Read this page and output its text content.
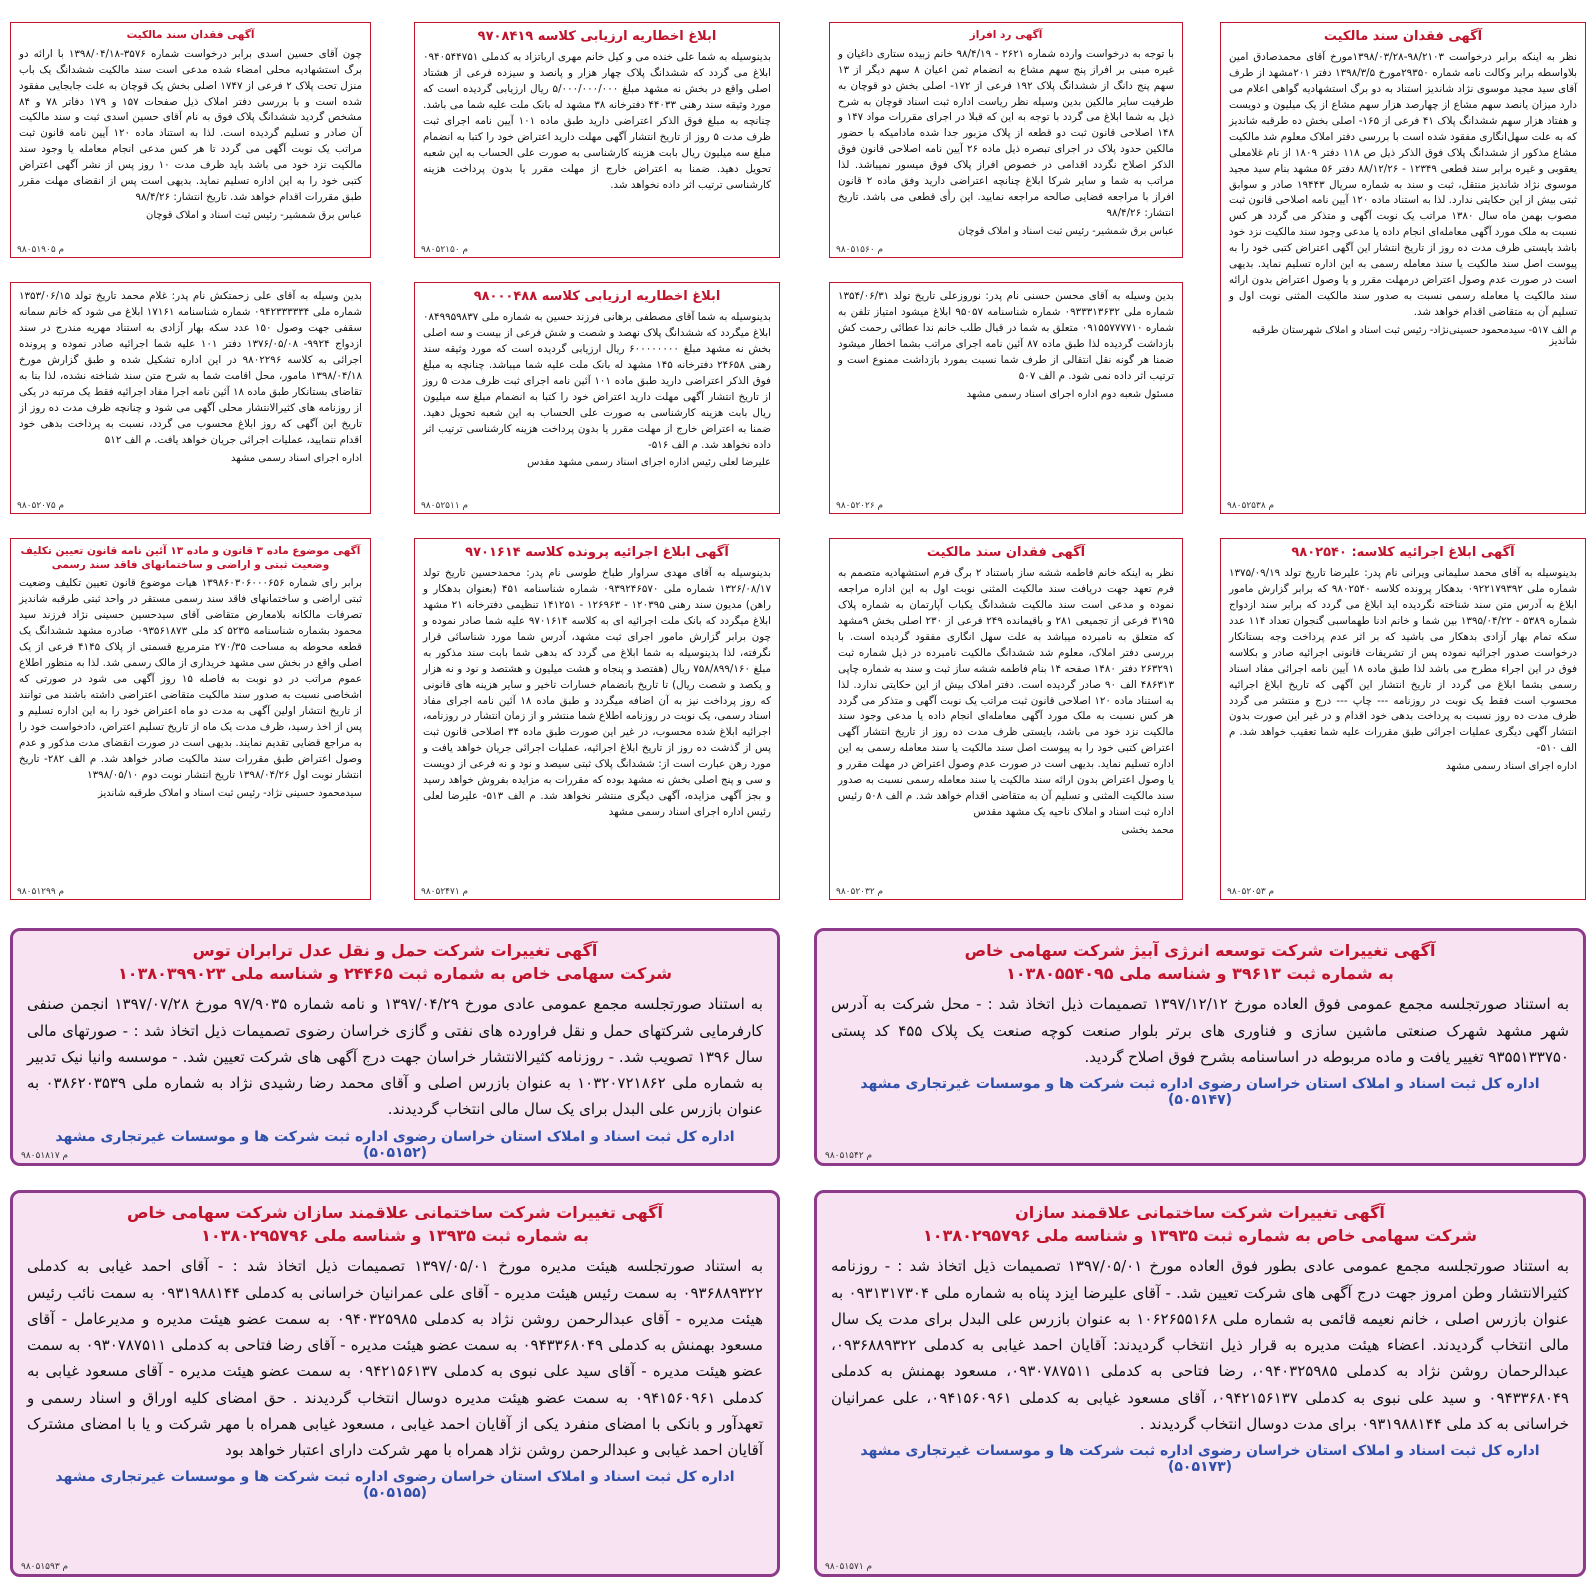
آگهی فقدان سند مالکیت
نظر به اینکه برابر درخواست ۹۸/۲۱۰۳-۱۳۹۸/۰۳/۲۸مورخ آقای محمدصادق امین بلاواسطه برابر وکالت نامه شماره ۲۹۳۵۰مورخ ۱۳۹۸/۳/۵ دفتر ۲۰۱مشهد از طرف آقای سید مجید موسوی نژاد شاندیز استناد به دو برگ استشهادیه گواهی اعلام می دارد میزان یانصد سهم مشاع از چهارصد هزار سهم مشاع از یک میلیون و دویست و هفتاد هزار سهم ششدانگ پلاک ۴۱ فرعی از ۱۶۵- اصلی بخش ده طرقبه شاندیز که به علت سهل‌انگاری مفقود شده است با بررسی دفتر املاک معلوم شد مالکیت مشاع مذکور از ششدانگ پلاک فوق الذکر ذیل ص ۱۱۸ دفتر ۱۸۰۹ از نام غلامعلی یعقوبی و غیره برابر سند قطعی ۱۲۳۴۹ - ۸۸/۱۲/۲۶ دفتر ۵۶ مشهد بنام سید مجید موسوی نژاد شاندیز منتقل، ثبت و سند به شماره سریال ۱۹۴۴۳ صادر و سوابق ثبتی بیش از این حکایتی ندارد. لذا به استناد ماده ۱۲۰ آیین نامه اصلاحی قانون ثبت مصوب بهمن ماه سال ۱۳۸۰ مراتب یک نوبت آگهی و متذکر می گردد هر کس نسبت به ملک مورد آگهی معامله‌ای انجام داده یا مدعی وجود سند مالکیت نزد خود باشد بایستی ظرف مدت ده روز از تاریخ انتشار این آگهی اعتراض کتبی خود را به پیوست اصل سند مالکیت یا سند معامله رسمی به این اداره تسلیم نماید. بدیهی است در صورت عدم وصول اعتراض درمهلت مقرر و یا وصول اعتراض بدون ارائه سند مالکیت یا معامله رسمی نسبت به صدور سند مالکیت المثنی نوبت اول و تسلیم آن به متقاضی اقدام خواهد شد.
م الف ۵۱۷- سیدمحمود حسینی‌نژاد- رئیس ثبت اسناد و املاک شهرستان طرقبه شاندیز
۹۸۰۵۲۵۳۸ م
آگهی رد افراز
با توجه به درخواست وارده شماره ۲۶۲۱ - ۹۸/۴/۱۹ خانم زبیده ستاری داغیان و غیره مبنی بر افراز پنج سهم مشاع به انضمام ثمن اعیان ۸ سهم دیگر از ۱۳ سهم پنج دانگ از ششدانگ پلاک ۱۹۲ فرعی از ۱۷۲- اصلی بخش دو قوچان به طرفیت سایر مالکین بدین وسیله نظر ریاست اداره ثبت اسناد قوچان به شرح ذیل به شما ابلاغ می گردد با توجه به این که قبلا در اجرای مقررات مواد ۱۴۷ و ۱۴۸ اصلاحی قانون ثبت دو قطعه از پلاک مزبور جدا شده ماداميکه با حضور مالکین حدود پلاک در اجرای تبصره ذیل ماده ۲۶ آیین نامه اصلاحی قانون فوق الذکر اصلاح نگردد اقدامی در خصوص افراز پلاک فوق میسور نمیباشد. لذا مراتب به شما و سایر شرکا ابلاغ چنانچه اعتراضی دارید وفق ماده ۲ قانون افراز با مراجعه قضایی صالحه مراجعه نمایید. این رأی قطعی می باشد. تاریخ انتشار: ۹۸/۴/۲۶
عباس برق شمشیر- رئیس ثبت اسناد و املاک قوچان
۹۸۰۵۱۵۶۰ م
ابلاغ اخطاریه ارزیابی کلاسه ۹۷۰۸۴۱۹
بدینوسیله به شما علی خنده می و کیل خانم مهری ارباتزاد به کدملی ۰۹۴۰۵۴۴۷۵۱ ابلاغ می گردد که ششدانگ پلاک چهار هزار و پانصد و سیزده فرعی از هشتاد اصلی واقع در بخش نه مشهد مبلغ ۵/۰۰۰/۰۰۰/۰۰۰ ریال ارزیابی گردیده است که مورد وثیقه سند رهنی ۴۴۰۳۳ دفترخانه ۳۸ مشهد له بانک ملت علیه شما می باشد. چنانچه به مبلغ فوق الذکر اعتراضی دارید طبق ماده ۱۰۱ آیین نامه اجرای ثبت ظرف مدت ۵ روز از تاریخ انتشار آگهی مهلت دارید اعتراض خود را کتبا به انضمام مبلغ سه میلیون ریال بابت هزینه کارشناسی به صورت علی الحساب به این شعبه تحویل دهید. ضمنا به اعتراض خارج از مهلت مقرر یا بدون پرداخت هزینه کارشناسی ترتیب اثر داده نخواهد شد.
۹۸۰۵۲۱۵۰ م
آگهی فقدان سند مالکیت
چون آقای حسین اسدی برابر درخواست شماره ۳۵۷۶-۱۳۹۸/۰۴/۱۸ با ارائه دو برگ استشهادیه محلی امضاء شده مدعی است سند مالکیت ششدانگ یک باب منزل تحت پلاک ۲ فرعی از ۱۷۴۷ اصلی بخش یک قوچان به علت جابجایی مفقود شده است و با بررسی دفتر املاک ذیل صفحات ۱۵۷ و ۱۷۹ دفاتر ۷۸ و ۸۴ مشخص گردید ششدانگ پلاک فوق به نام آقای حسین اسدی ثبت و سند مالکیت آن صادر و تسلیم گردیده است. لذا به استناد ماده ۱۲۰ آیین نامه قانون ثبت مراتب یک نوبت آگهی می گردد تا هر کس مدعی انجام معامله یا وجود سند مالکیت نزد خود می باشد باید ظرف مدت ۱۰ روز پس از نشر آگهی اعتراض کتبی خود را به این اداره تسلیم نماید. بدیهی است پس از انقضای مهلت مقرر طبق مقررات اقدام خواهد شد. تاریخ انتشار: ۹۸/۴/۲۶
عباس برق شمشیر- رئیس ثبت اسناد و املاک قوچان
۹۸۰۵۱۹۰۵ م
بدین وسیله به آقای محسن حسنی نام پدر: نوروزعلی تاریخ تولد ۱۳۵۴/۰۶/۳۱ شماره ملی ۰۹۳۳۳۱۳۶۳۲ شماره شناسنامه ۹۵۰۵۷ ابلاغ میشود امتیاز تلفن به شماره ۰۹۱۵۵۷۷۷۷۱۰ متعلق به شما در قبال طلب خانم ندا عطائی رحمت کش بازداشت گردیده لذا طبق ماده ۸۷ آئین نامه اجرای مراتب بشما اخطار میشود ضمنا هر گونه نقل انتقالی از طرف شما نسبت بمورد بازداشت ممنوع است و ترتیب اثر داده نمی شود. م الف ۵۰۷
مسئول شعبه دوم اداره اجرای اسناد رسمی مشهد
۹۸۰۵۲۰۲۶ م
ابلاغ اخطاریه ارزیابی کلاسه ۹۸۰۰۰۴۸۸
بدینوسیله به شما آقای مصطفی برهانی فرزند حسین به شماره ملی ۰۸۴۹۹۵۹۸۳۷ ابلاغ میگردد که ششدانگ پلاک نهصد و شصت و شش فرعی از بیست و سه اصلی بخش نه مشهد مبلغ ۶۰۰۰۰۰۰۰۰ ریال ارزیابی گردیده است که مورد وثیقه سند رهنی ۲۴۶۵۸ دفترخانه ۱۴۵ مشهد له بانک ملت علیه شما میباشد. چنانچه به مبلغ فوق الذکر اعتراضی دارید طبق ماده ۱۰۱ آئین نامه اجرای ثبت ظرف مدت ۵ روز از تاریخ انتشار آگهی مهلت دارید اعتراض خود را کتبا به انضمام مبلغ سه میلیون ریال بابت هزینه کارشناسی به صورت علی الحساب به این شعبه تحویل دهید. ضمنا به اعتراض خارج از مهلت مقرر یا بدون پرداخت هزینه کارشناسی ترتیب اثر داده نخواهد شد. م الف ۵۱۶-
علیرضا لعلی رئیس اداره اجرای اسناد رسمی مشهد مقدس
۹۸۰۵۲۵۱۱ م
بدین وسیله به آقای علی زحمتکش نام پدر: غلام محمد تاریخ تولد ۱۳۵۳/۰۶/۱۵ شماره ملی ۰۹۴۲۳۳۳۳۳۴ شماره شناسنامه ۱۷۱۶۱ ابلاغ می شود که خانم سمانه سقفی جهت وصول ۱۵۰ عدد سکه بهار آزادی به استناد مهریه مندرج در سند ازدواج ۹۹۲۴- ۱۳۷۶/۰۵/۰۸ دفتر ۱۰۱ علیه شما اجرائیه صادر نموده و پرونده اجرائی به کلاسه ۹۸۰۲۲۹۶ در این اداره تشکیل شده و طبق گزارش مورخ ۱۳۹۸/۰۴/۱۸ مامور، محل اقامت شما به شرح متن سند شناخته نشده، لذا بنا به تقاضای بستانکار طبق ماده ۱۸ آئین نامه اجرا مفاد اجرائیه فقط یک مرتبه در یکی از روزنامه های کثیرالانتشار محلی آگهی می شود و چنانچه ظرف مدت ده روز از تاریخ این آگهی که روز ابلاغ محسوب می گردد، نسبت به پرداخت بدهی خود اقدام ننمایید، عملیات اجرائی جریان خواهد یافت. م الف ۵۱۲
اداره اجرای اسناد رسمی مشهد
۹۸۰۵۲۰۷۵ م
آگهی ابلاغ اجرائیه کلاسه: ۹۸۰۲۵۴۰
بدینوسیله به آقای محمد سلیمانی ویرانی نام پدر: علیرضا تاریخ تولد ۱۳۷۵/۰۹/۱۹ شماره ملی ۰۹۲۲۱۷۹۳۹۲ بدهکار پرونده کلاسه ۹۸۰۲۵۴۰ که برابر گزارش مامور ابلاغ به آدرس متن سند شناخته نگردیده اید ابلاغ می گردد که برابر سند ازدواج شماره ۵۳۸۹ - ۱۳۹۵/۰۴/۲۲ بین شما و خانم ادنا طهماسبی گنجوان تعداد ۱۱۴ عدد سکه تمام بهار آزادی بدهکار می باشید که بر اثر عدم پرداخت وجه بستانکار درخواست صدور اجرائیه نموده پس از تشریفات قانونی اجرائیه صادر و بکلاسه فوق در این اجراء مطرح می باشد لذا طبق ماده ۱۸ آیین نامه اجرائی مفاد اسناد رسمی بشما ابلاغ می گردد از تاریخ انتشار این آگهی که تاریخ ابلاغ اجرائیه محسوب است فقط یک نوبت در روزنامه --- چاپ --- درج و منتشر می گردد ظرف مدت ده روز نسبت به پرداخت بدهی خود اقدام و در غیر این صورت بدون انتشار آگهی دیگری عملیات اجرائی طبق مقررات علیه شما تعقیب خواهد شد. م الف ۵۱۰-
اداره اجرای اسناد رسمی مشهد
۹۸۰۵۲۰۵۳ م
آگهی فقدان سند مالکیت
نظر به اینکه خانم فاطمه ششه ساز باستناد ۲ برگ فرم استشهادیه متصمم به فرم تعهد جهت دریافت سند مالکیت المثنی نوبت اول به این اداره مراجعه نموده و مدعی است سند مالکیت ششدانگ یکباب آپارتمان به شماره پلاک ۳۱۹۵ فرعی از تجمیعی ۲۸۱ و باقیمانده ۲۴۹ فرعی از ۲۳۰ اصلی بخش ۹مشهد که متعلق به نامبرده میباشد به علت سهل انگاری مفقود گردیده است. با بررسی دفتر املاک، معلوم شد ششدانگ مالکیت نامبرده در ذیل شماره ثبت ۲۶۳۲۹۱ دفتر ۱۴۸۰ صفحه ۱۴ بنام فاطمه ششه ساز ثبت و سند به شماره چاپی ۴۸۶۳۱۳ الف ۹۰ صادر گردیده است. دفتر املاک بیش از این حکایتی ندارد. لذا به استناد ماده ۱۲۰ اصلاحی قانون ثبت مراتب یک نوبت آگهی و متذکر می گردد هر کس نسبت به ملک مورد آگهی معامله‌ای انجام داده یا مدعی وجود سند مالکیت نزد خود می باشد، بایستی ظرف مدت ده روز از تاریخ انتشار آگهی اعتراض کتبی خود را به پیوست اصل سند مالکیت یا سند معامله رسمی به این اداره تسلیم نماید. بدیهی است در صورت عدم وصول اعتراض در مهلت مقرر و یا وصول اعتراض بدون ارائه سند مالکیت یا سند معامله رسمی نسبت به صدور سند مالکیت المثنی و تسلیم آن به متقاضی اقدام خواهد شد. م الف ۵۰۸ رئیس اداره ثبت اسناد و املاک ناحیه یک مشهد مقدس
محمد بخشی
۹۸۰۵۲۰۳۲ م
آگهی ابلاغ اجرائیه پرونده کلاسه ۹۷۰۱۶۱۴
بدینوسیله به آقای مهدی سراوار طباخ طوسی نام پدر: محمدحسین تاریخ تولد ۱۳۲۶/۰۸/۱۷ شماره ملی ۰۹۳۹۲۴۶۵۷۰ شماره شناسنامه ۴۵۱ (بعنوان بدهکار و راهن) مدیون سند رهنی ۱۲۰۳۹۵ - ۱۲۶۹۶۳ - ۱۴۱۲۵۱ تنظیمی دفترخانه ۲۱ مشهد ابلاغ میگردد که بانک ملت اجرائیه ای به کلاسه ۹۷۰۱۶۱۴ علیه شما صادر نموده و چون برابر گزارش مامور اجرای ثبت مشهد، آدرس شما مورد شناسائی قرار نگرفته، لذا بدینوسیله به شما ابلاغ می گردد که بدهی شما بابت سند مذکور به مبلغ ۷۵۸/۸۹۹/۱۶۰ ریال (هفتصد و پنجاه و هشت میلیون و هشتصد و نود و نه هزار و یکصد و شصت ریال) تا تاریخ بانضمام خسارات تاخیر و سایر هزینه های قانونی که روز پرداخت نیز به آن اضافه میگردد و طبق ماده ۱۸ آئین نامه اجرای مفاد اسناد رسمی، یک نوبت در روزنامه اطلاع شما منتشر و از زمان انتشار در روزنامه، اجرائیه ابلاغ شده محسوب، در غیر این صورت طبق ماده ۳۴ اصلاحی قانون ثبت پس از گذشت ده روز از تاریخ ابلاغ اجرائیه، عملیات اجرائی جریان خواهد یافت و مورد رهن عبارت است از: ششدانگ پلاک ثبتی سیصد و نود و نه فرعی از دویست و سی و پنج اصلی بخش نه مشهد بوده که مقررات به مزایده بفروش خواهد رسید و بجز آگهی مزایده، آگهی دیگری منتشر نخواهد شد. م الف ۵۱۳- علیرضا لعلی رئیس اداره اجرای اسناد رسمی مشهد
۹۸۰۵۲۴۷۱ م
آگهی موضوع ماده ۳ قانون و ماده ۱۳ آئین نامه قانون تعیین تکلیف وضعیت ثبتی و اراضی و ساختمانهای فاقد سند رسمی
برابر رای شماره ۱۳۹۸۶۰۳۰۶۰۰۰۶۵۶ هیات موضوع قانون تعیین تکلیف وضعیت ثبتی اراضی و ساختمانهای فاقد سند رسمی مستقر در واحد ثبتی طرقبه شاندیز تصرفات مالکانه بلامعارض متقاضی آقای سیدحسین حسینی نژاد فرزند سید محمود بشماره شناسنامه ۵۲۳۵ کد ملی ۰۹۳۵۶۱۸۷۳ صادره مشهد ششدانگ یک قطعه محوطه به مساحت ۲۷۰/۳۵ مترمربع قسمتی از پلاک ۴۱۴۵ فرعی از یک اصلی واقع در بخش سی مشهد خریداری از مالک رسمی شد. لذا به منظور اطلاع عموم مراتب در دو نوبت به فاصله ۱۵ روز آگهی می شود در صورتی که اشخاصی نسبت به صدور سند مالکیت متقاضی اعتراضی داشته باشند می توانند از تاریخ انتشار اولین آگهی به مدت دو ماه اعتراض خود را به این اداره تسلیم و پس از اخذ رسید، ظرف مدت یک ماه از تاریخ تسلیم اعتراض، دادخواست خود را به مراجع قضایی تقدیم نمایند. بدیهی است در صورت انقضای مدت مذکور و عدم وصول اعتراض طبق مقررات سند مالکیت صادر خواهد شد. م الف ۲۸۲- تاریخ انتشار نوبت اول ۱۳۹۸/۰۴/۲۶ تاریخ انتشار نوبت دوم ۱۳۹۸/۰۵/۱۰
سیدمحمود حسینی نژاد- رئیس ثبت اسناد و املاک طرقبه شاندیز
۹۸۰۵۱۲۹۹ م
آگهی تغییرات شرکت توسعه انرژی آبیژ شرکت سهامی خاص
به شماره ثبت ۳۹۶۱۳ و شناسه ملی ۱۰۳۸۰۵۵۴۰۹۵
به استناد صورتجلسه مجمع عمومی فوق العاده مورخ ۱۳۹۷/۱۲/۱۲ تصمیمات ذیل اتخاذ شد : - محل شرکت به آدرس شهر مشهد شهرک صنعتی ماشین سازی و فناوری های برتر بلوار صنعت کوچه صنعت یک پلاک ۴۵۵ کد پستی ۹۳۵۵۱۳۳۷۵۰ تغییر یافت و ماده مربوطه در اساسنامه بشرح فوق اصلاح گردید.
اداره کل ثبت اسناد و املاک استان خراسان رضوی اداره ثبت شرکت ها و موسسات غیرتجاری مشهد (۵۰۵۱۴۷)
۹۸۰۵۱۵۴۲ م
آگهی تغییرات شرکت حمل و نقل عدل ترابران توس
شرکت سهامی خاص به شماره ثبت ۲۴۴۶۵ و شناسه ملی ۱۰۳۸۰۳۹۹۰۲۳
به استناد صورتجلسه مجمع عمومی عادی مورخ ۱۳۹۷/۰۴/۲۹ و نامه شماره ۹۷/۹۰۳۵ مورخ ۱۳۹۷/۰۷/۲۸ انجمن صنفی کارفرمایی شرکتهای حمل و نقل فراورده های نفتی و گازی خراسان رضوی تصمیمات ذیل اتخاذ شد : - صورتهای مالی سال ۱۳۹۶ تصویب شد. - روزنامه کثیرالانتشار خراسان جهت درج آگهی های شرکت تعیین شد. - موسسه وانیا نیک تدبیر به شماره ملی ۱۰۳۲۰۷۲۱۸۶۲ به عنوان بازرس اصلی و آقای محمد رضا رشیدی نژاد به شماره ملی ۰۳۸۶۲۰۳۵۳۹ به عنوان بازرس علی البدل برای یک سال مالی انتخاب گردیدند.
اداره کل ثبت اسناد و املاک استان خراسان رضوی اداره ثبت شرکت ها و موسسات غیرتجاری مشهد (۵۰۵۱۵۲)
۹۸۰۵۱۸۱۷ م
آگهی تغییرات شرکت ساختمانی علاقمند سازان
شرکت سهامی خاص به شماره ثبت ۱۳۹۳۵ و شناسه ملی ۱۰۳۸۰۲۹۵۷۹۶
به استناد صورتجلسه مجمع عمومی عادی بطور فوق العاده مورخ ۱۳۹۷/۰۵/۰۱ تصمیمات ذیل اتخاذ شد : - روزنامه کثیرالانتشار وطن امروز جهت درج آگهی های شرکت تعیین شد. - آقای علیرضا ایزد پناه به شماره ملی ۰۹۳۱۳۱۷۳۰۴ به عنوان بازرس اصلی ، خانم نعیمه قائمی به شماره ملی ۱۰۶۲۶۵۵۱۶۸ به عنوان بازرس علی البدل برای مدت یک سال مالی انتخاب گردیدند. اعضاء هیئت مدیره به قرار ذیل انتخاب گردیدند: آقایان احمد غیابی به کدملی ۰۹۳۶۸۸۹۳۲۲، عبدالرحمان روشن نژاد به کدملی ۰۹۴۰۳۲۵۹۸۵، رضا فتاحی به کدملی ۰۹۳۰۷۸۷۵۱۱، مسعود بهمنش به کدملی ۰۹۴۳۳۶۸۰۴۹ و سید علی نبوی به کدملی ۰۹۴۲۱۵۶۱۳۷، آقای مسعود غیابی به کدملی ۰۹۴۱۵۶۰۹۶۱، علی عمرانیان خراسانی به کد ملی ۰۹۳۱۹۸۸۱۴۴ برای مدت دوسال انتخاب گردیدند .
اداره کل ثبت اسناد و املاک استان خراسان رضوی اداره ثبت شرکت ها و موسسات غیرتجاری مشهد (۵۰۵۱۷۳)
۹۸۰۵۱۵۷۱ م
آگهی تغییرات شرکت ساختمانی علاقمند سازان شرکت سهامی خاص
به شماره ثبت ۱۳۹۳۵ و شناسه ملی ۱۰۳۸۰۲۹۵۷۹۶
به استناد صورتجلسه هیئت مدیره مورخ ۱۳۹۷/۰۵/۰۱ تصمیمات ذیل اتخاذ شد : - آقای احمد غیابی به کدملی ۰۹۳۶۸۸۹۳۲۲ به سمت رئیس هیئت مدیره - آقای علی عمرانیان خراسانی به کدملی ۰۹۳۱۹۸۸۱۴۴ به سمت نائب رئیس هیئت مدیره - آقای عبدالرحمن روشن نژاد به کدملی ۰۹۴۰۳۲۵۹۸۵ به سمت عضو هیئت مدیره و مدیرعامل - آقای مسعود بهمنش به کدملی ۰۹۴۳۳۶۸۰۴۹ به سمت عضو هیئت مدیره - آقای رضا فتاحی به کدملی ۰۹۳۰۷۸۷۵۱۱ به سمت عضو هیئت مدیره - آقای سید علی نبوی به کدملی ۰۹۴۲۱۵۶۱۳۷ به سمت عضو هیئت مدیره - آقای مسعود غیابی به کدملی ۰۹۴۱۵۶۰۹۶۱ به سمت عضو هیئت مدیره دوسال انتخاب گردیدند . حق امضای کلیه اوراق و اسناد رسمی و تعهدآور و بانکی با امضای منفرد یکی از آقایان احمد غیابی ، مسعود غیابی همراه با مهر شرکت و یا با امضای مشترک آقایان احمد غیابی و عبدالرحمن روشن نژاد همراه با مهر شرکت دارای اعتبار خواهد بود
اداره کل ثبت اسناد و املاک استان خراسان رضوی اداره ثبت شرکت ها و موسسات غیرتجاری مشهد (۵۰۵۱۵۵)
۹۸۰۵۱۵۹۳ م
